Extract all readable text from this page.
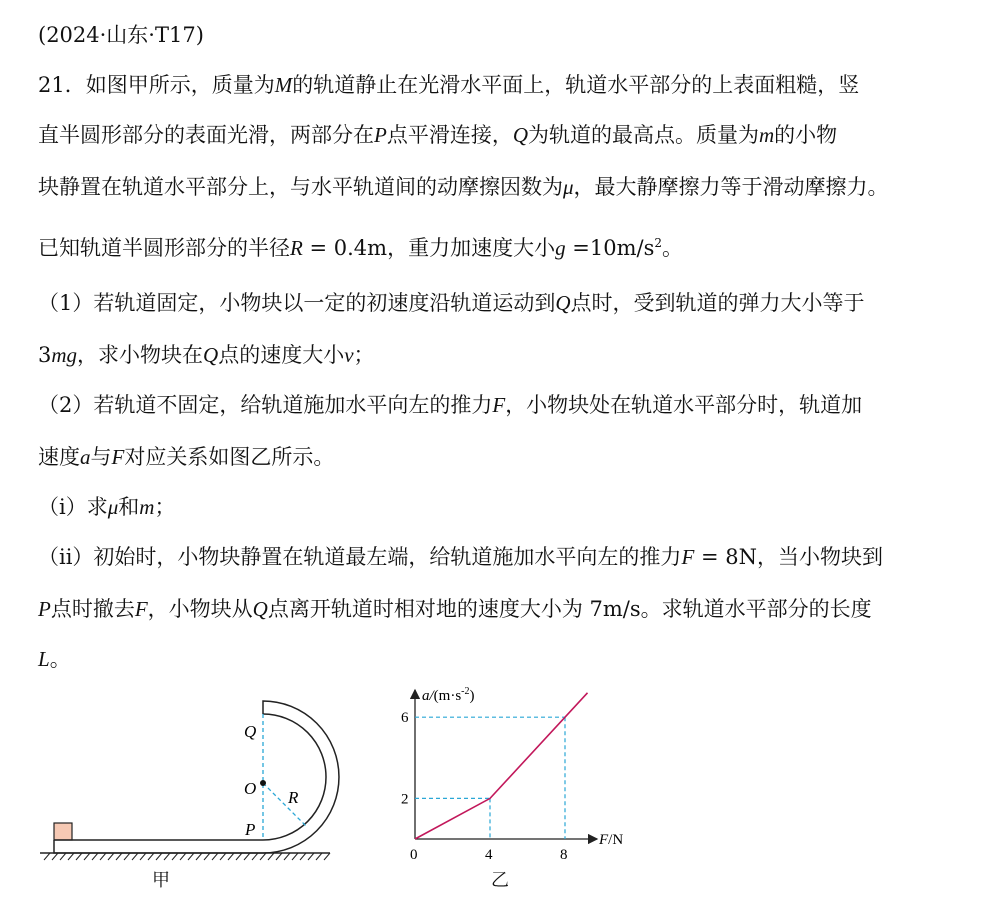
(2024·山东·T17)
21．如图甲所示，质量为M的轨道静止在光滑水平面上，轨道水平部分的上表面粗糙，竖
直半圆形部分的表面光滑，两部分在P点平滑连接，Q为轨道的最高点。质量为m的小物
块静置在轨道水平部分上，与水平轨道间的动摩擦因数为μ，最大静摩擦力等于滑动摩擦力。
已知轨道半圆形部分的半径R = 0.4m，重力加速度大小$g =10m/s^2$。
（1）若轨道固定，小物块以一定的初速度沿轨道运动到Q点时，受到轨道的弹力大小等于
3mg，求小物块在Q点的速度大小v；
（2）若轨道不固定，给轨道施加水平向左的推力F，小物块处在轨道水平部分时，轨道加
速度a与F对应关系如图乙所示。
（i）求μ和m；
（ii）初始时，小物块静置在轨道最左端，给轨道施加水平向左的推力F = 8N，当小物块到
P点时撤去F，小物块从Q点离开轨道时相对地的速度大小为 7m/s。求轨道水平部分的长度
L。
Q
O R
P
甲
0	4	8
2
6
F/N
$a/(m\cdot s^{-2})$
乙
